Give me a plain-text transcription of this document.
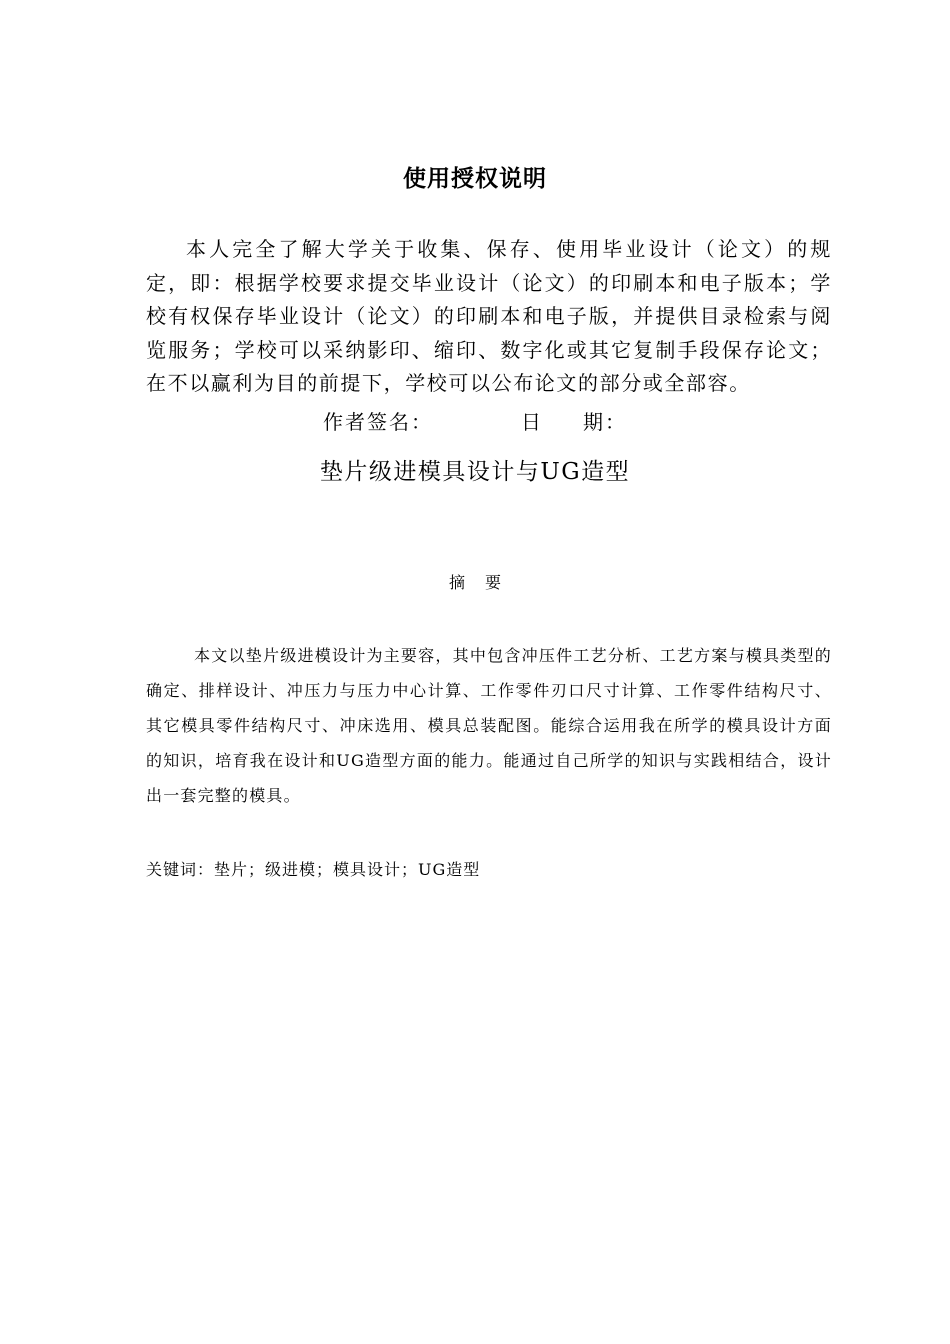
使用授权说明
本人完全了解大学关于收集、保存、使用毕业设计（论文）的规定，即：根据学校要求提交毕业设计（论文）的印刷本和电子版本；学校有权保存毕业设计（论文）的印刷本和电子版，并提供目录检索与阅览服务；学校可以采纳影印、缩印、数字化或其它复制手段保存论文；在不以赢利为目的前提下，学校可以公布论文的部分或全部容。
作者签名：	日 期：
垫片级进模具设计与UG造型
摘要
本文以垫片级进模设计为主要容，其中包含冲压件工艺分析、工艺方案与模具类型的确定、排样设计、冲压力与压力中心计算、工作零件刃口尺寸计算、工作零件结构尺寸、其它模具零件结构尺寸、冲床选用、模具总装配图。能综合运用我在所学的模具设计方面的知识，培育我在设计和UG造型方面的能力。能通过自己所学的知识与实践相结合，设计出一套完整的模具。
关键词：垫片；级进模；模具设计；UG造型
